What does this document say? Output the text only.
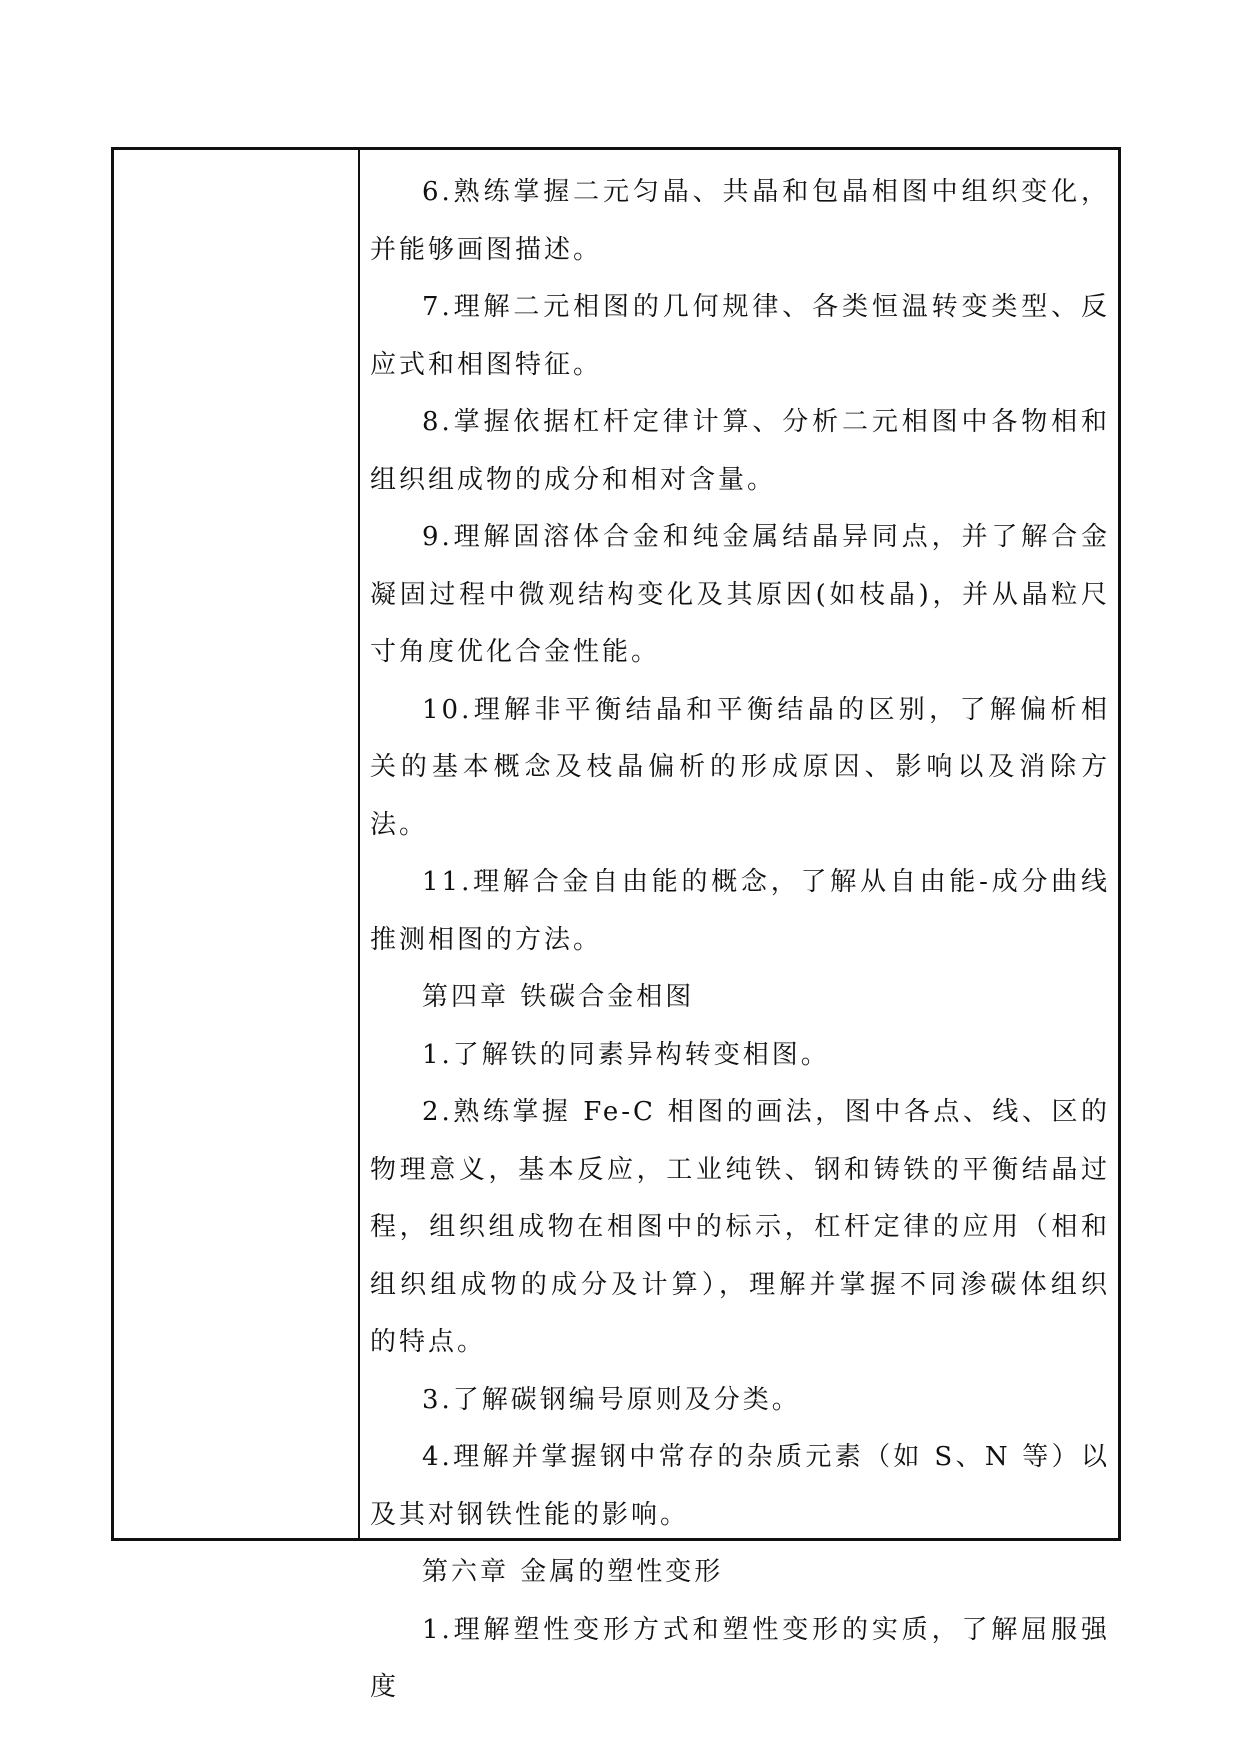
6.熟练掌握二元匀晶、共晶和包晶相图中组织变化，并能够画图描述。

7.理解二元相图的几何规律、各类恒温转变类型、反应式和相图特征。

8.掌握依据杠杆定律计算、分析二元相图中各物相和组织组成物的成分和相对含量。

9.理解固溶体合金和纯金属结晶异同点，并了解合金凝固过程中微观结构变化及其原因(如枝晶)，并从晶粒尺寸角度优化合金性能。

10.理解非平衡结晶和平衡结晶的区别，了解偏析相关的基本概念及枝晶偏析的形成原因、影响以及消除方法。

11.理解合金自由能的概念，了解从自由能-成分曲线推测相图的方法。

第四章 铁碳合金相图

1.了解铁的同素异构转变相图。

2.熟练掌握 Fe-C 相图的画法，图中各点、线、区的物理意义，基本反应，工业纯铁、钢和铸铁的平衡结晶过程，组织组成物在相图中的标示，杠杆定律的应用（相和组织组成物的成分及计算），理解并掌握不同渗碳体组织的特点。

3.了解碳钢编号原则及分类。

4.理解并掌握钢中常存的杂质元素（如 S、N 等）以及其对钢铁性能的影响。

第六章 金属的塑性变形

1.理解塑性变形方式和塑性变形的实质，了解屈服强度
